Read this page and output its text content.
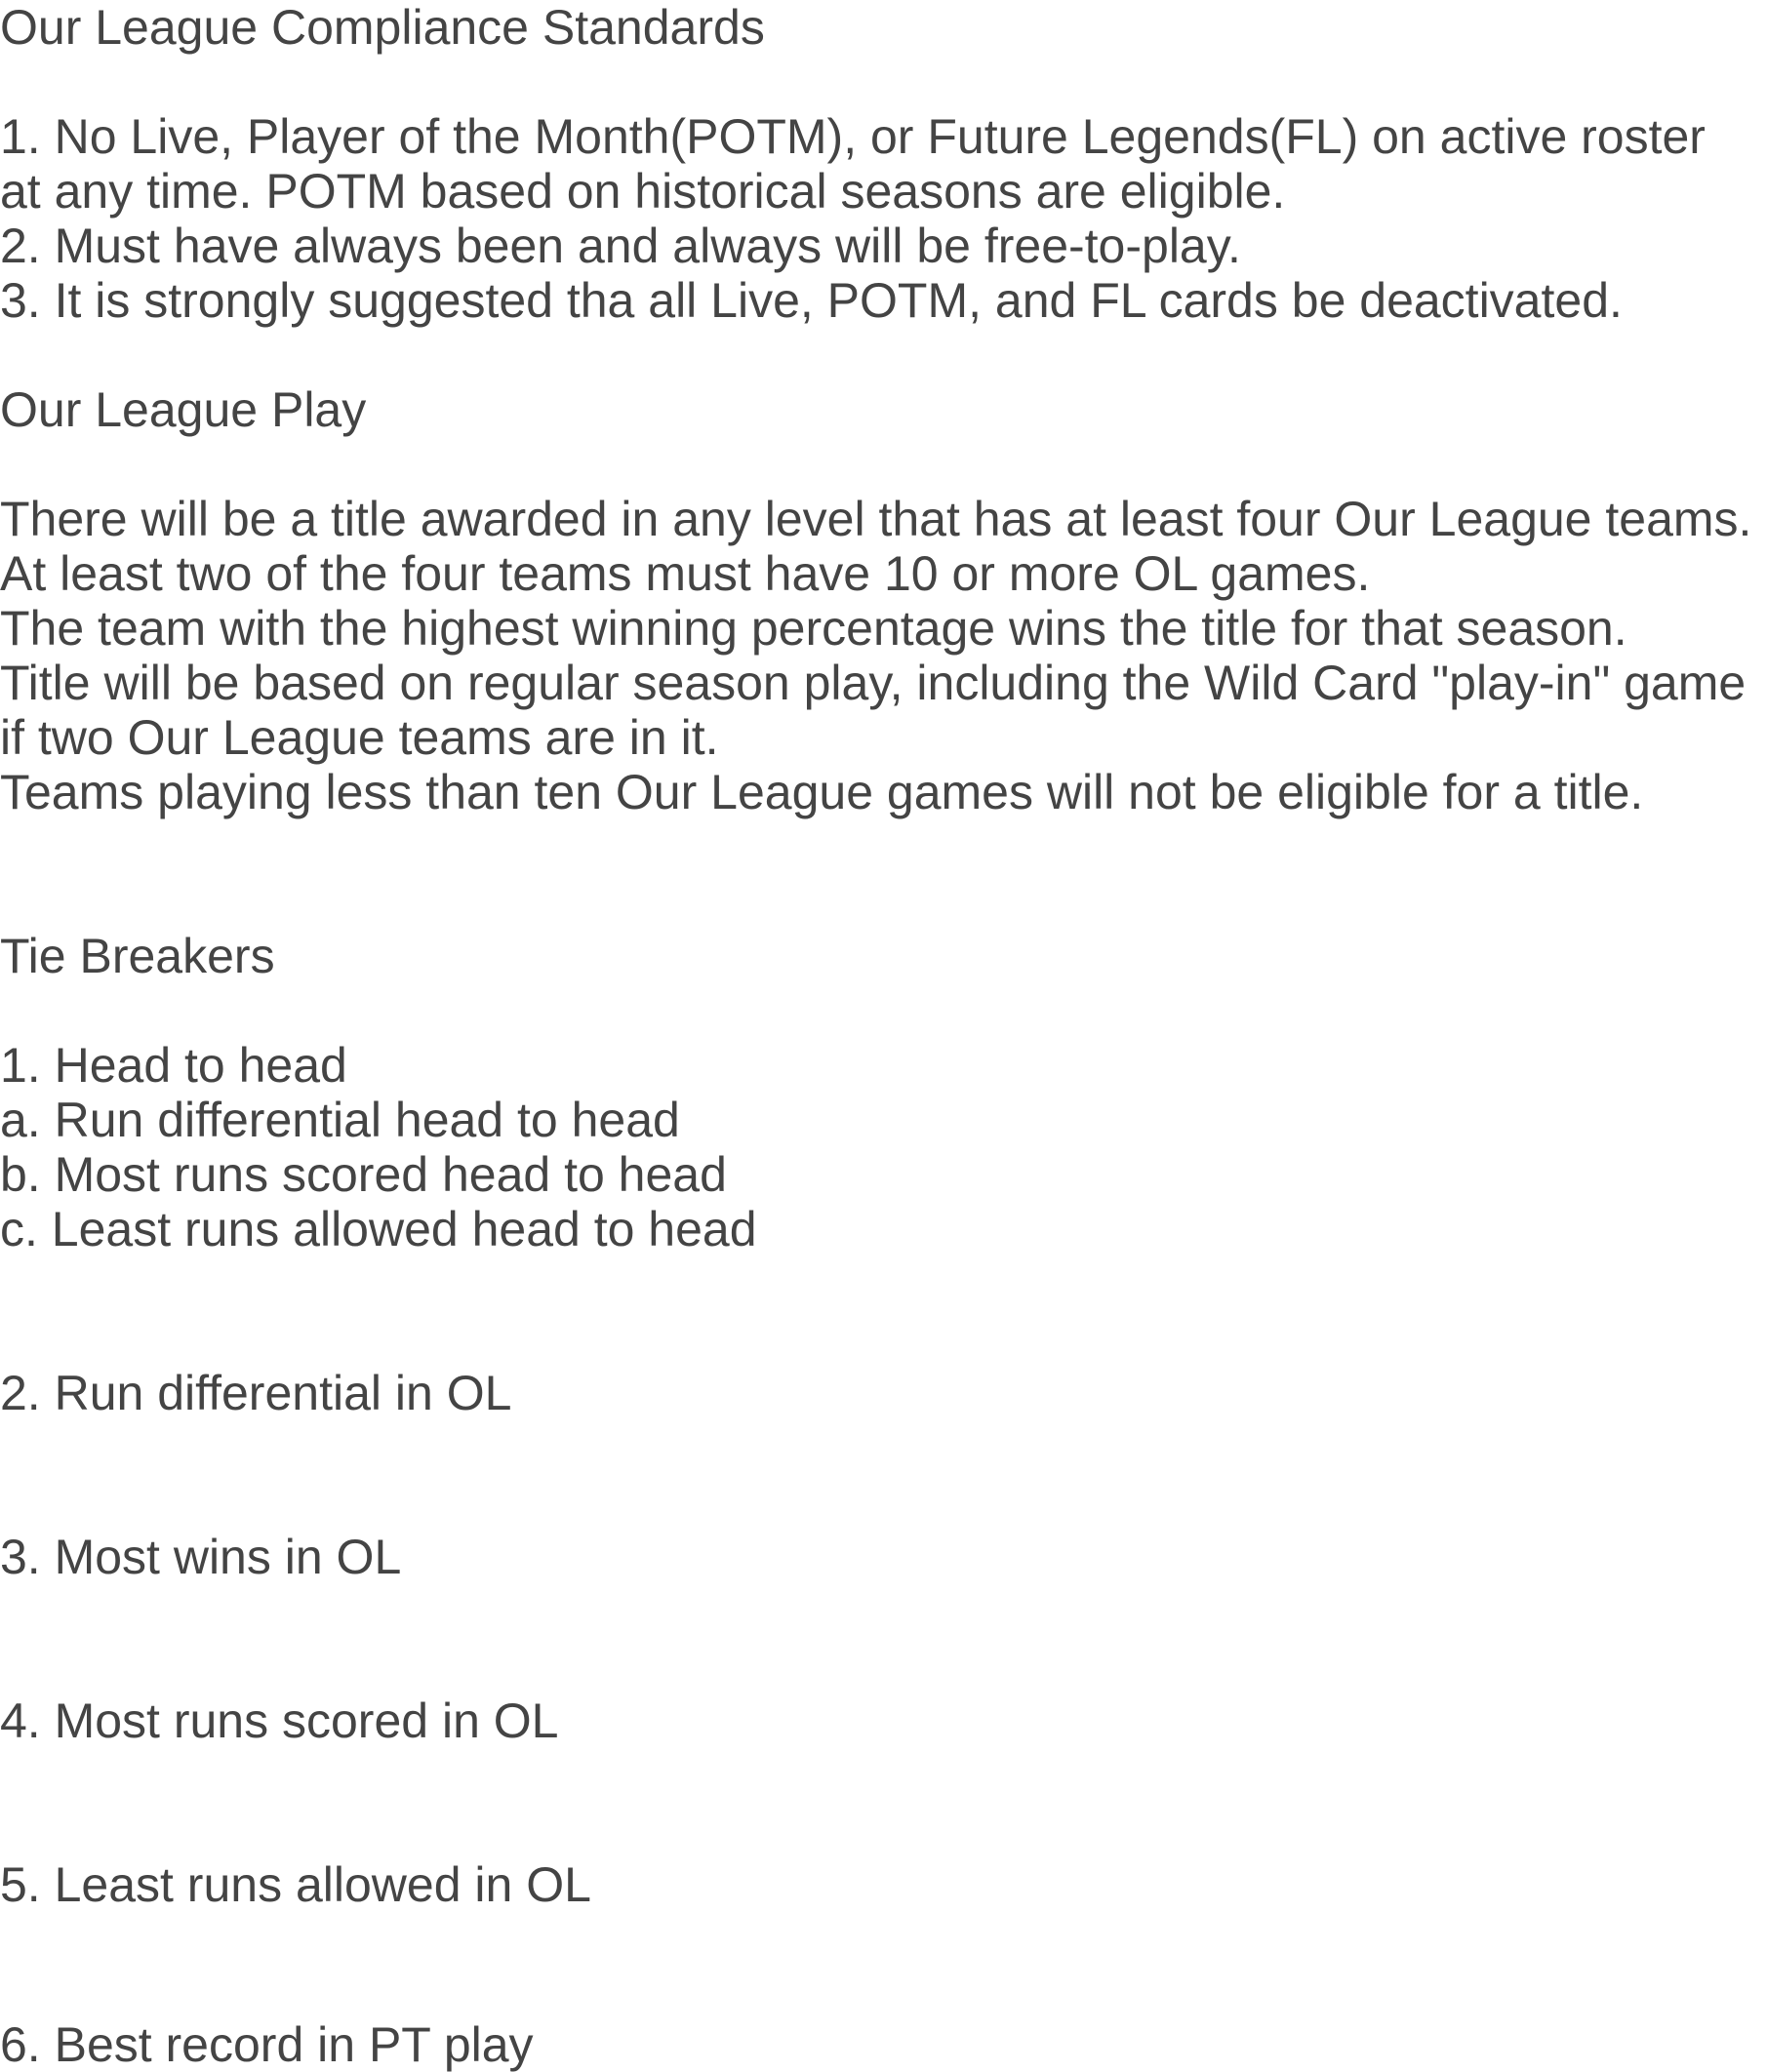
Our League Compliance Standards
1. No Live, Player of the Month(POTM), or Future Legends(FL) on active roster
at any time. POTM based on historical seasons are eligible.
2. Must have always been and always will be free-to-play.
3. It is strongly suggested tha all Live, POTM, and FL cards be deactivated.
Our League Play
There will be a title awarded in any level that has at least four Our League teams.
At least two of the four teams must have 10 or more OL games.
The team with the highest winning percentage wins the title for that season.
Title will be based on regular season play, including the Wild Card "play-in" game
if two Our League teams are in it.
Teams playing less than ten Our League games will not be eligible for a title.
Tie Breakers
1. Head to head
a. Run differential head to head
b. Most runs scored head to head
c. Least runs allowed head to head
2. Run differential in OL
3. Most wins in OL
4. Most runs scored in OL
5. Least runs allowed in OL
6. Best record in PT play
